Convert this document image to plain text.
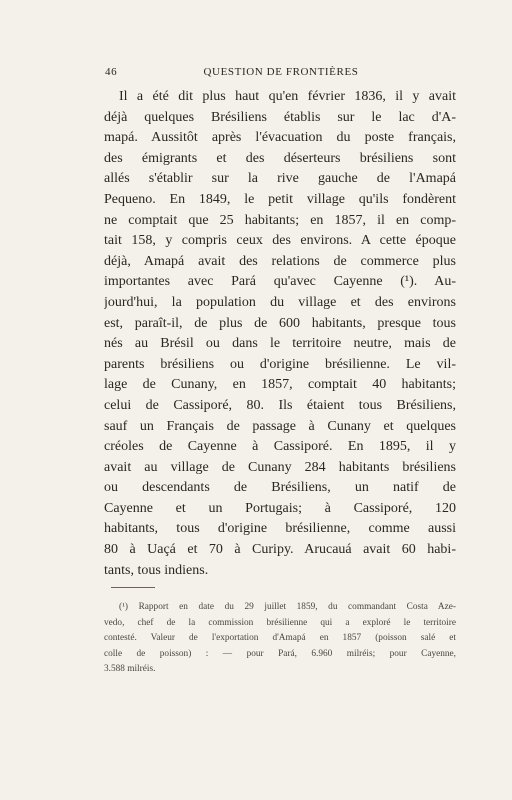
46	QUESTION DE FRONTIÈRES
Il a été dit plus haut qu'en février 1836, il y avait
déjà quelques Brésiliens établis sur le lac d'A-
mapá. Aussitôt après l'évacuation du poste français,
des émigrants et des déserteurs brésiliens sont
allés s'établir sur la rive gauche de l'Amapá
Pequeno. En 1849, le petit village qu'ils fondèrent
ne comptait que 25 habitants; en 1857, il en comp-
tait 158, y compris ceux des environs. A cette époque
déjà, Amapá avait des relations de commerce plus
importantes avec Pará qu'avec Cayenne (¹). Au-
jourd'hui, la population du village et des environs
est, paraît-il, de plus de 600 habitants, presque tous
nés au Brésil ou dans le territoire neutre, mais de
parents brésiliens ou d'origine brésilienne. Le vil-
lage de Cunany, en 1857, comptait 40 habitants;
celui de Cassiporé, 80. Ils étaient tous Brésiliens,
sauf un Français de passage à Cunany et quelques
créoles de Cayenne à Cassiporé. En 1895, il y
avait au village de Cunany 284 habitants brésiliens
ou descendants de Brésiliens, un natif de
Cayenne et un Portugais; à Cassiporé, 120
habitants, tous d'origine brésilienne, comme aussi
80 à Uaçá et 70 à Curipy. Arucauá avait 60 habi-
tants, tous indiens.
(¹) Rapport en date du 29 juillet 1859, du commandant Costa Aze-
vedo, chef de la commission brésilienne qui a exploré le territoire
contesté. Valeur de l'exportation d'Amapá en 1857 (poisson salé et
colle de poisson) : — pour Pará, 6.960 milréis; pour Cayenne,
3.588 milréis.
